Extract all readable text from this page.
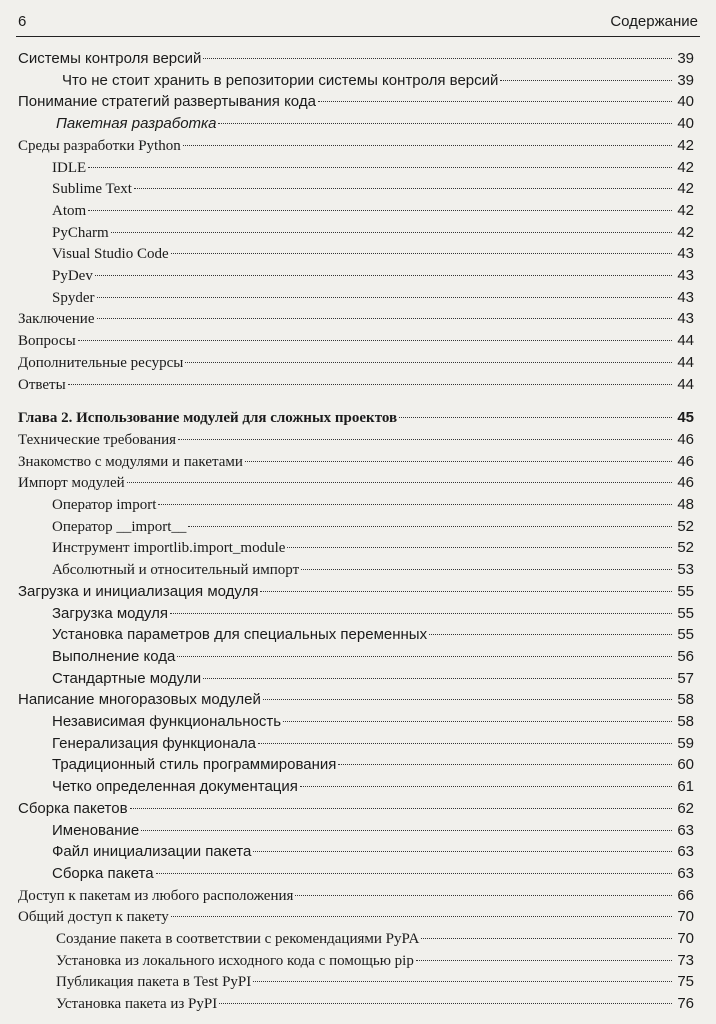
6	Содержание
Системы контроля версий	39
Что не стоит хранить в репозитории системы контроля версий	39
Понимание стратегий развертывания кода	40
Пакетная разработка	40
Среды разработки Python	42
IDLE	42
Sublime Text	42
Atom	42
PyCharm	42
Visual Studio Code	43
PyDev	43
Spyder	43
Заключение	43
Вопросы	44
Дополнительные ресурсы	44
Ответы	44
Глава 2. Использование модулей для сложных проектов	45
Технические требования	46
Знакомство с модулями и пакетами	46
Импорт модулей	46
Оператор import	48
Оператор __import__	52
Инструмент importlib.import_module	52
Абсолютный и относительный импорт	53
Загрузка и инициализация модуля	55
Загрузка модуля	55
Установка параметров для специальных переменных	55
Выполнение кода	56
Стандартные модули	57
Написание многоразовых модулей	58
Независимая функциональность	58
Генерализация функционала	59
Традиционный стиль программирования	60
Четко определенная документация	61
Сборка пакетов	62
Именование	63
Файл инициализации пакета	63
Сборка пакета	63
Доступ к пакетам из любого расположения	66
Общий доступ к пакету	70
Создание пакета в соответствии с рекомендациями PyPA	70
Установка из локального исходного кода с помощью pip	73
Публикация пакета в Test PyPI	75
Установка пакета из PyPI	76
